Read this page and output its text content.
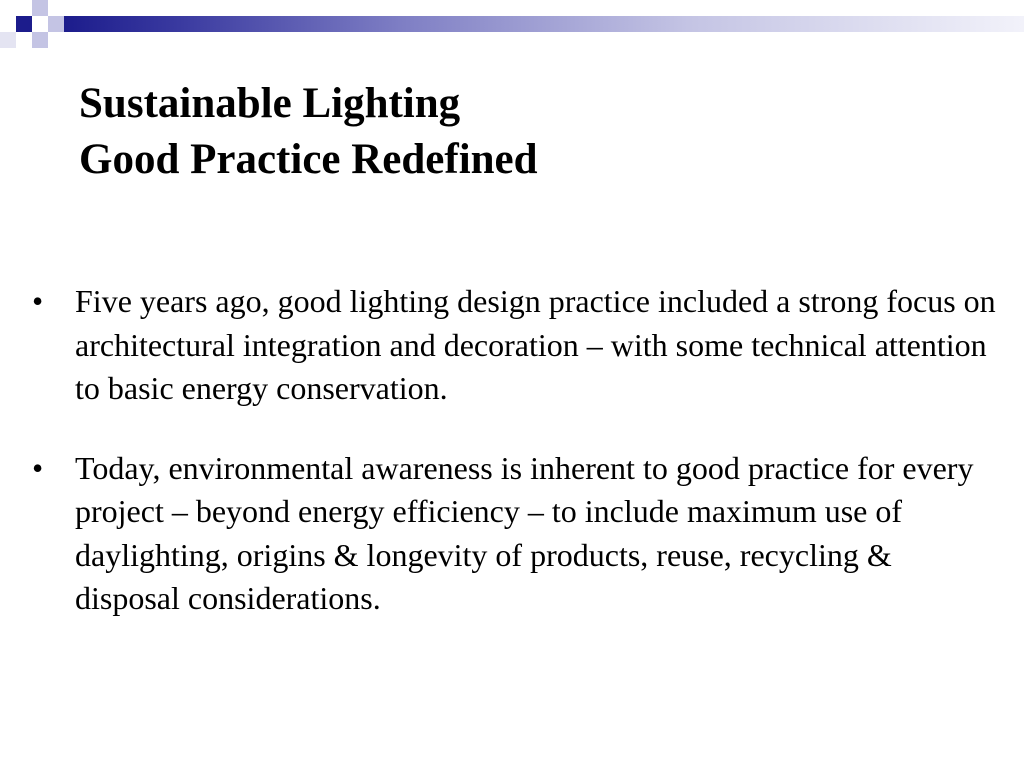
Sustainable Lighting

Good Practice Redefined

• Five years ago, good lighting design practice included a strong focus on architectural integration and decoration – with some technical attention to basic energy conservation.
• Today, environmental awareness is inherent to good practice for every project – beyond energy efficiency – to include maximum use of daylighting, origins & longevity of products, reuse, recycling & disposal considerations.
